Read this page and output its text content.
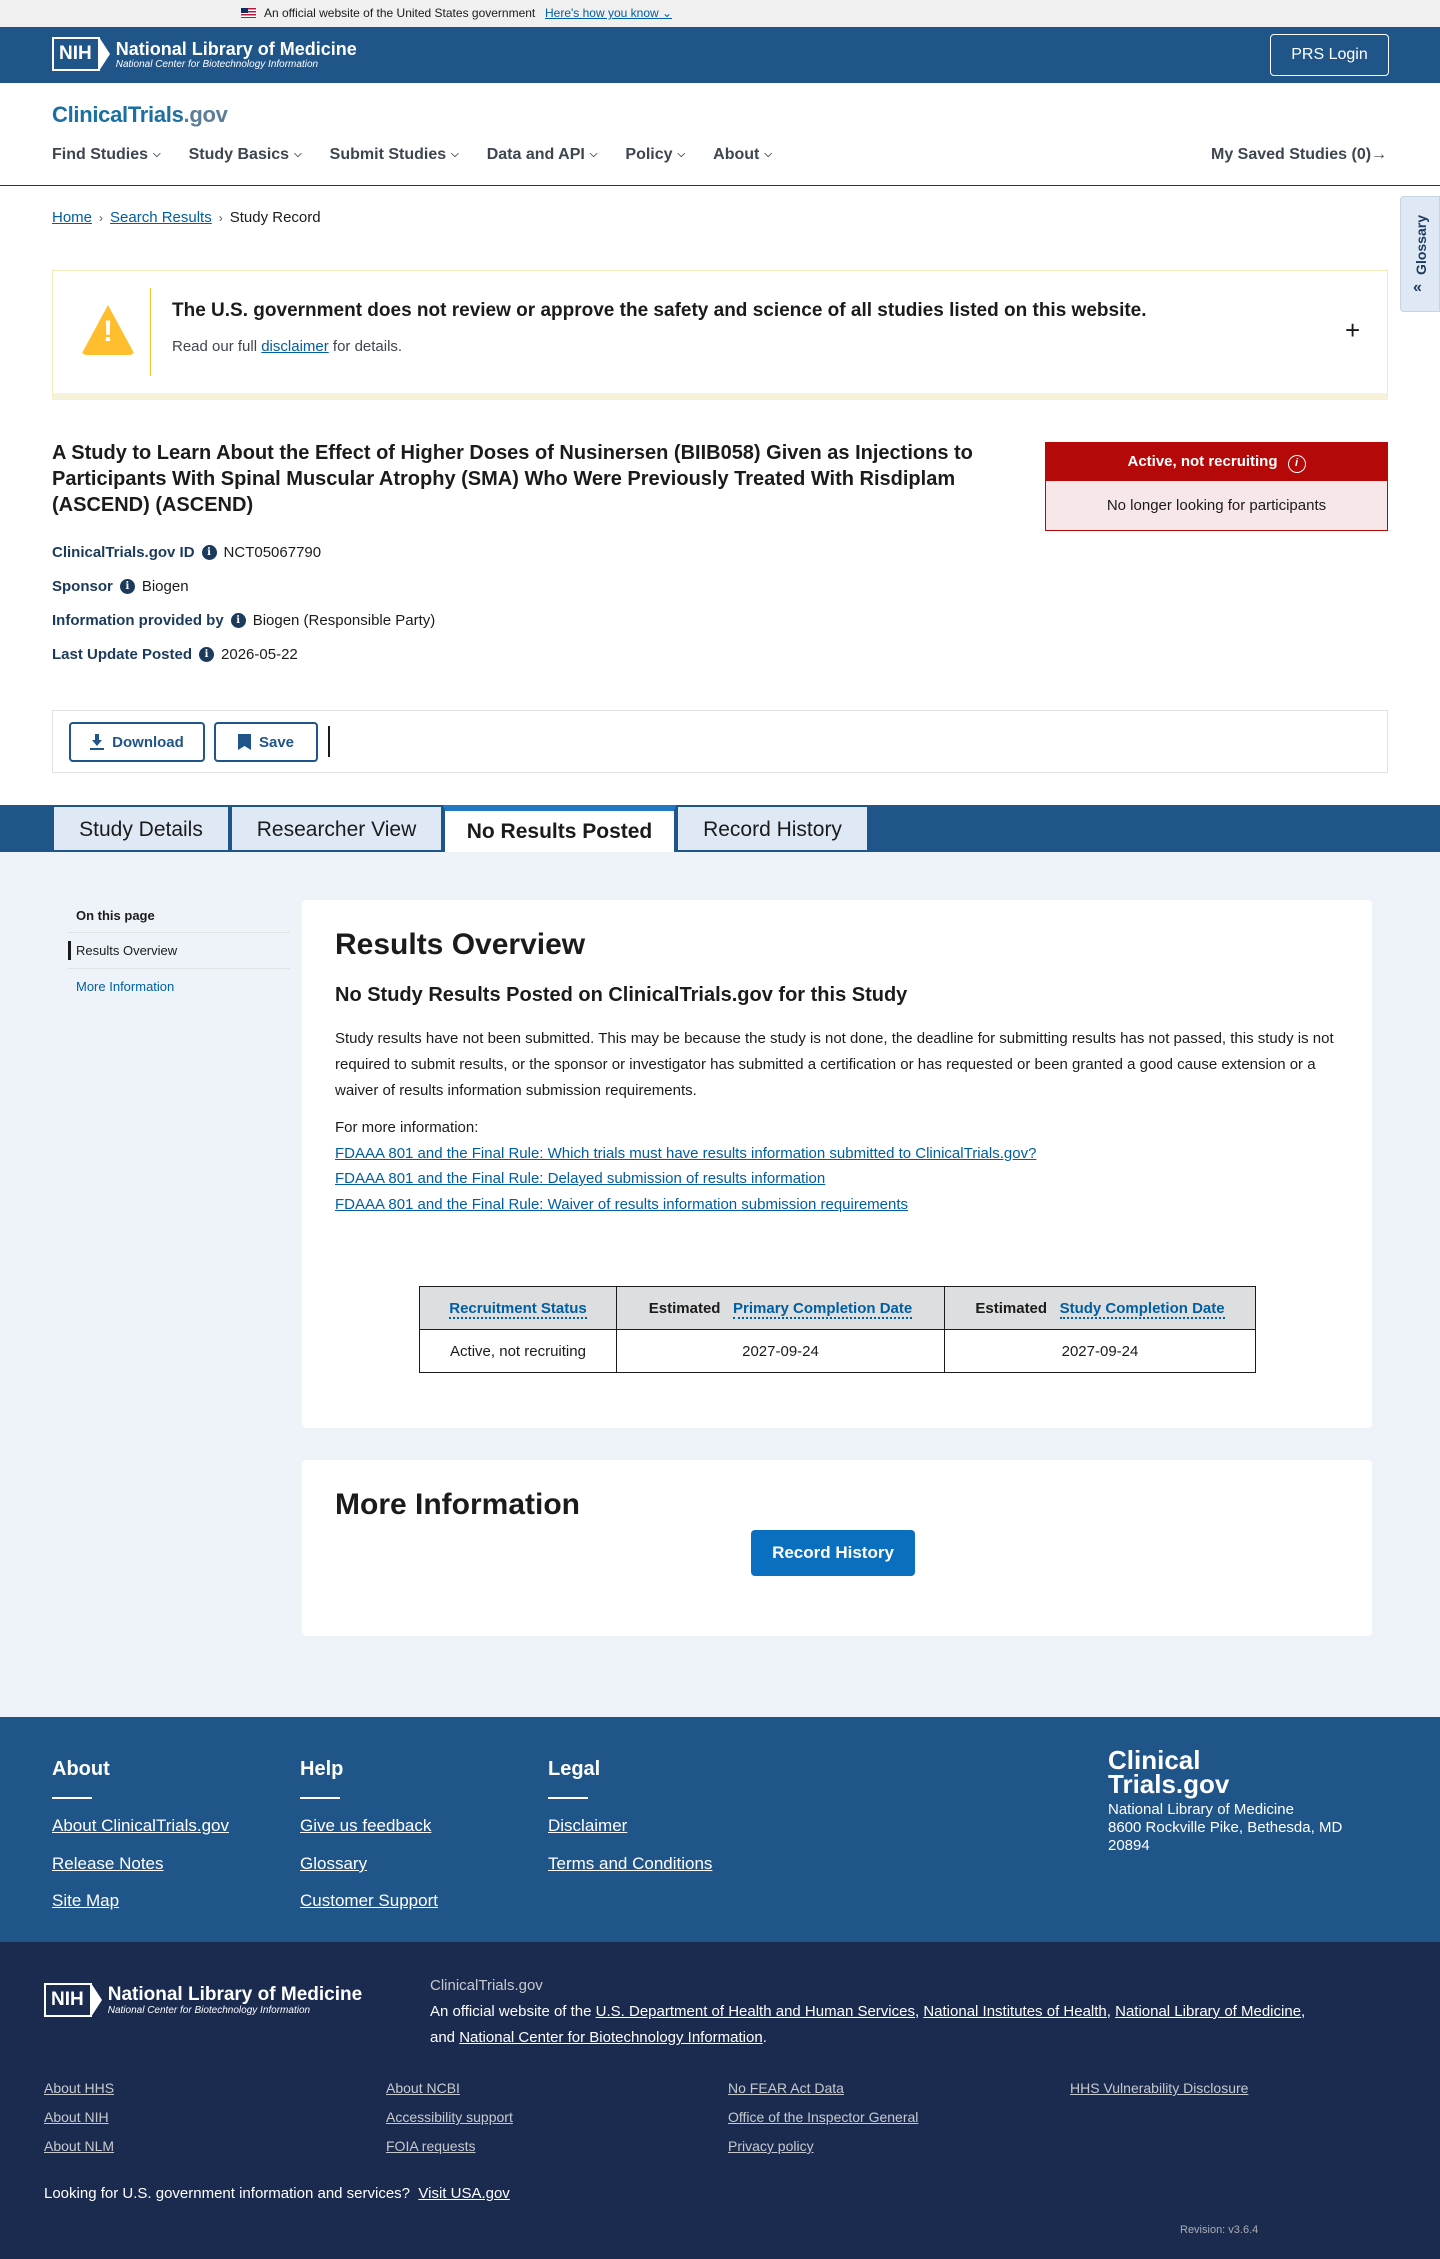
An official website of the United States government Here's how you know ⌄
NIH	National Library of Medicine
National Center for Biotechnology Information
PRS Login
ClinicalTrials.gov
Find Studies ⌵ Study Basics ⌵ Submit Studies ⌵ Data and API ⌵ Policy ⌵ About ⌵	My Saved Studies (0)→
Glossary
«
Home › Search Results › Study Record
!
The U.S. government does not review or approve the safety and science of all studies listed on this website.
Read our full disclaimer for details.
+
A Study to Learn About the Effect of Higher Doses of Nusinersen (BIIB058) Given as Injections to Participants With Spinal Muscular Atrophy (SMA) Who Were Previously Treated With Risdiplam (ASCEND) (ASCEND)
Active, not recruiting i
No longer looking for participants
ClinicalTrials.gov ID	i NCT05067790
Sponsor	i Biogen
Information provided by	i Biogen (Responsible Party)
Last Update Posted	i 2026-05-22
Download	Save
Study Details	Researcher View	No Results Posted	Record History
On this page
Results Overview
More Information
Results Overview
No Study Results Posted on ClinicalTrials.gov for this Study

Study results have not been submitted. This may be because the study is not done, the deadline for submitting results has not passed, this study is not required to submit results, or the sponsor or investigator has submitted a certification or has requested or been granted a good cause extension or a waiver of results information submission requirements.

For more information:

FDAAA 801 and the Final Rule: Which trials must have results information submitted to ClinicalTrials.gov?
FDAAA 801 and the Final Rule: Delayed submission of results information
FDAAA 801 and the Final Rule: Waiver of results information submission requirements
Recruitment Status	Estimated Primary Completion Date	Estimated Study Completion Date
Active, not recruiting	2027-09-24	2027-09-24
More Information
Record History
About
About ClinicalTrials.gov
Release Notes
Site Map
Help
Give us feedback
Glossary
Customer Support
Legal
Disclaimer
Terms and Conditions
Clinical
Trials.gov
National Library of Medicine
8600 Rockville Pike, Bethesda, MD
20894
NIH	National Library of Medicine
National Center for Biotechnology Information
ClinicalTrials.gov
An official website of the U.S. Department of Health and Human Services, National Institutes of Health, National Library of Medicine,
and National Center for Biotechnology Information.
About HHS
About NIH
About NLM
About NCBI
Accessibility support
FOIA requests
No FEAR Act Data
Office of the Inspector General
Privacy policy
HHS Vulnerability Disclosure
Looking for U.S. government information and services? Visit USA.gov
Revision: v3.6.4
